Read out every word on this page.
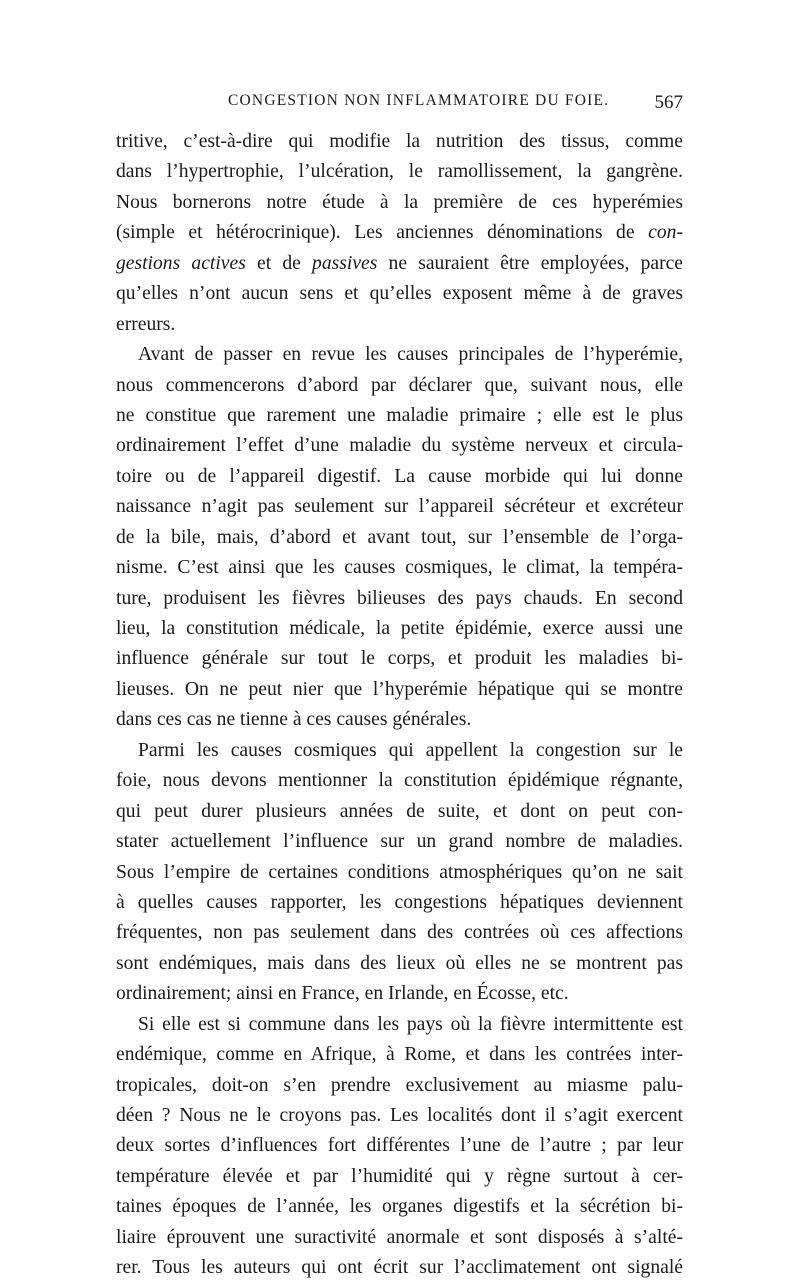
CONGESTION NON INFLAMMATOIRE DU FOIE. 567
tritive, c’est-à-dire qui modifie la nutrition des tissus, comme
dans l’hypertrophie, l’ulcération, le ramollissement, la gangrène.
Nous bornerons notre étude à la première de ces hyperémies
(simple et hétérocrinique). Les anciennes dénominations de con-
gestions actives et de passives ne sauraient être employées, parce
qu’elles n’ont aucun sens et qu’elles exposent même à de graves
erreurs.
Avant de passer en revue les causes principales de l’hyperémie,
nous commencerons d’abord par déclarer que, suivant nous, elle
ne constitue que rarement une maladie primaire ; elle est le plus
ordinairement l’effet d’une maladie du système nerveux et circula-
toire ou de l’appareil digestif. La cause morbide qui lui donne
naissance n’agit pas seulement sur l’appareil sécréteur et excréteur
de la bile, mais, d’abord et avant tout, sur l’ensemble de l’orga-
nisme. C’est ainsi que les causes cosmiques, le climat, la tempéra-
ture, produisent les fièvres bilieuses des pays chauds. En second
lieu, la constitution médicale, la petite épidémie, exerce aussi une
influence générale sur tout le corps, et produit les maladies bi-
lieuses. On ne peut nier que l’hyperémie hépatique qui se montre
dans ces cas ne tienne à ces causes générales.
Parmi les causes cosmiques qui appellent la congestion sur le
foie, nous devons mentionner la constitution épidémique régnante,
qui peut durer plusieurs années de suite, et dont on peut con-
stater actuellement l’influence sur un grand nombre de maladies.
Sous l’empire de certaines conditions atmosphériques qu’on ne sait
à quelles causes rapporter, les congestions hépatiques deviennent
fréquentes, non pas seulement dans des contrées où ces affections
sont endémiques, mais dans des lieux où elles ne se montrent pas
ordinairement; ainsi en France, en Irlande, en Écosse, etc.
Si elle est si commune dans les pays où la fièvre intermittente est
endémique, comme en Afrique, à Rome, et dans les contrées inter-
tropicales, doit-on s’en prendre exclusivement au miasme palu-
déen ? Nous ne le croyons pas. Les localités dont il s’agit exercent
deux sortes d’influences fort différentes l’une de l’autre ; par leur
température élevée et par l’humidité qui y règne surtout à cer-
taines époques de l’année, les organes digestifs et la sécrétion bi-
liaire éprouvent une suractivité anormale et sont disposés à s’alté-
rer. Tous les auteurs qui ont écrit sur l’acclimatement ont signalé
